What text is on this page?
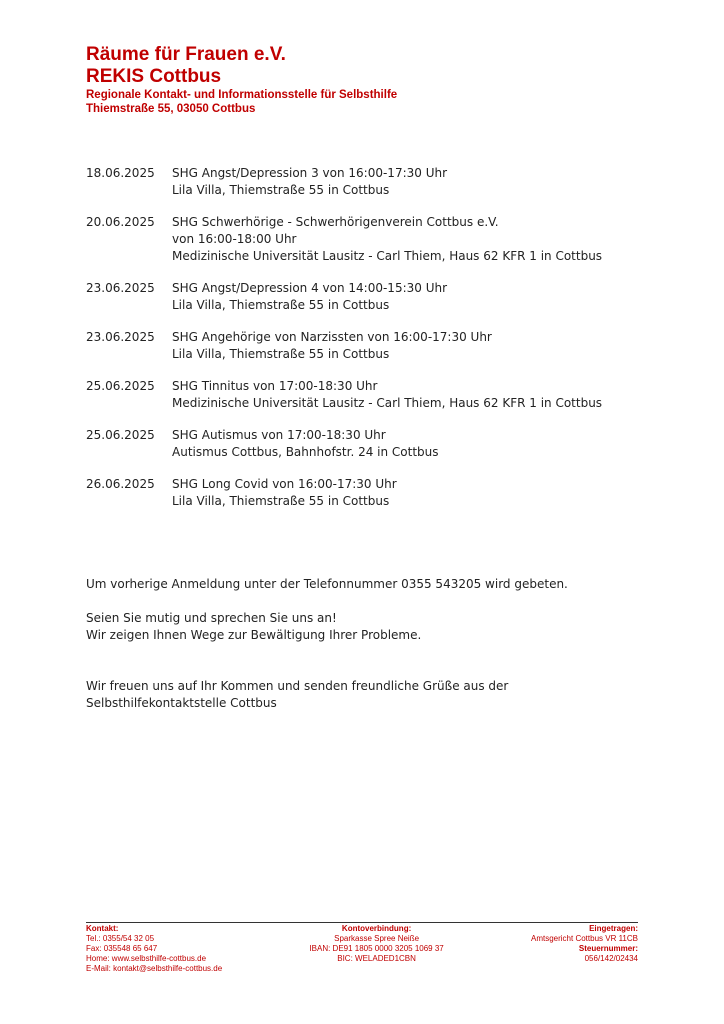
Räume für Frauen e.V.
REKIS Cottbus
Regionale Kontakt- und Informationsstelle für Selbsthilfe
Thiemstraße 55, 03050 Cottbus
18.06.2025	SHG Angst/Depression 3 von 16:00-17:30 Uhr
Lila Villa, Thiemstraße 55 in Cottbus
20.06.2025	SHG Schwerhörige - Schwerhörigenverein Cottbus e.V.
von 16:00-18:00 Uhr
Medizinische Universität Lausitz - Carl Thiem, Haus 62 KFR 1 in Cottbus
23.06.2025	SHG Angst/Depression 4 von 14:00-15:30 Uhr
Lila Villa, Thiemstraße 55 in Cottbus
23.06.2025	SHG Angehörige von Narzissten von 16:00-17:30 Uhr
Lila Villa, Thiemstraße 55 in Cottbus
25.06.2025	SHG Tinnitus von 17:00-18:30 Uhr
Medizinische Universität Lausitz - Carl Thiem, Haus 62 KFR 1 in Cottbus
25.06.2025	SHG Autismus von 17:00-18:30 Uhr
Autismus Cottbus, Bahnhofstr. 24 in Cottbus
26.06.2025	SHG Long Covid von 16:00-17:30 Uhr
Lila Villa, Thiemstraße 55 in Cottbus

Um vorherige Anmeldung unter der Telefonnummer 0355 543205 wird gebeten.

Seien Sie mutig und sprechen Sie uns an!

Wir zeigen Ihnen Wege zur Bewältigung Ihrer Probleme.

Wir freuen uns auf Ihr Kommen und senden freundliche Grüße aus der

Selbsthilfekontaktstelle Cottbus

Kontakt:
Tel.: 0355/54 32 05
Fax: 035548 65 647
Home: www.selbsthilfe-cottbus.de
E-Mail: kontakt@selbsthilfe-cottbus.de
Kontoverbindung:
Sparkasse Spree Neiße
IBAN: DE91 1805 0000 3205 1069 37
BIC: WELADED1CBN
Eingetragen:
Amtsgericht Cottbus VR 11CB
Steuernummer:
056/142/02434
